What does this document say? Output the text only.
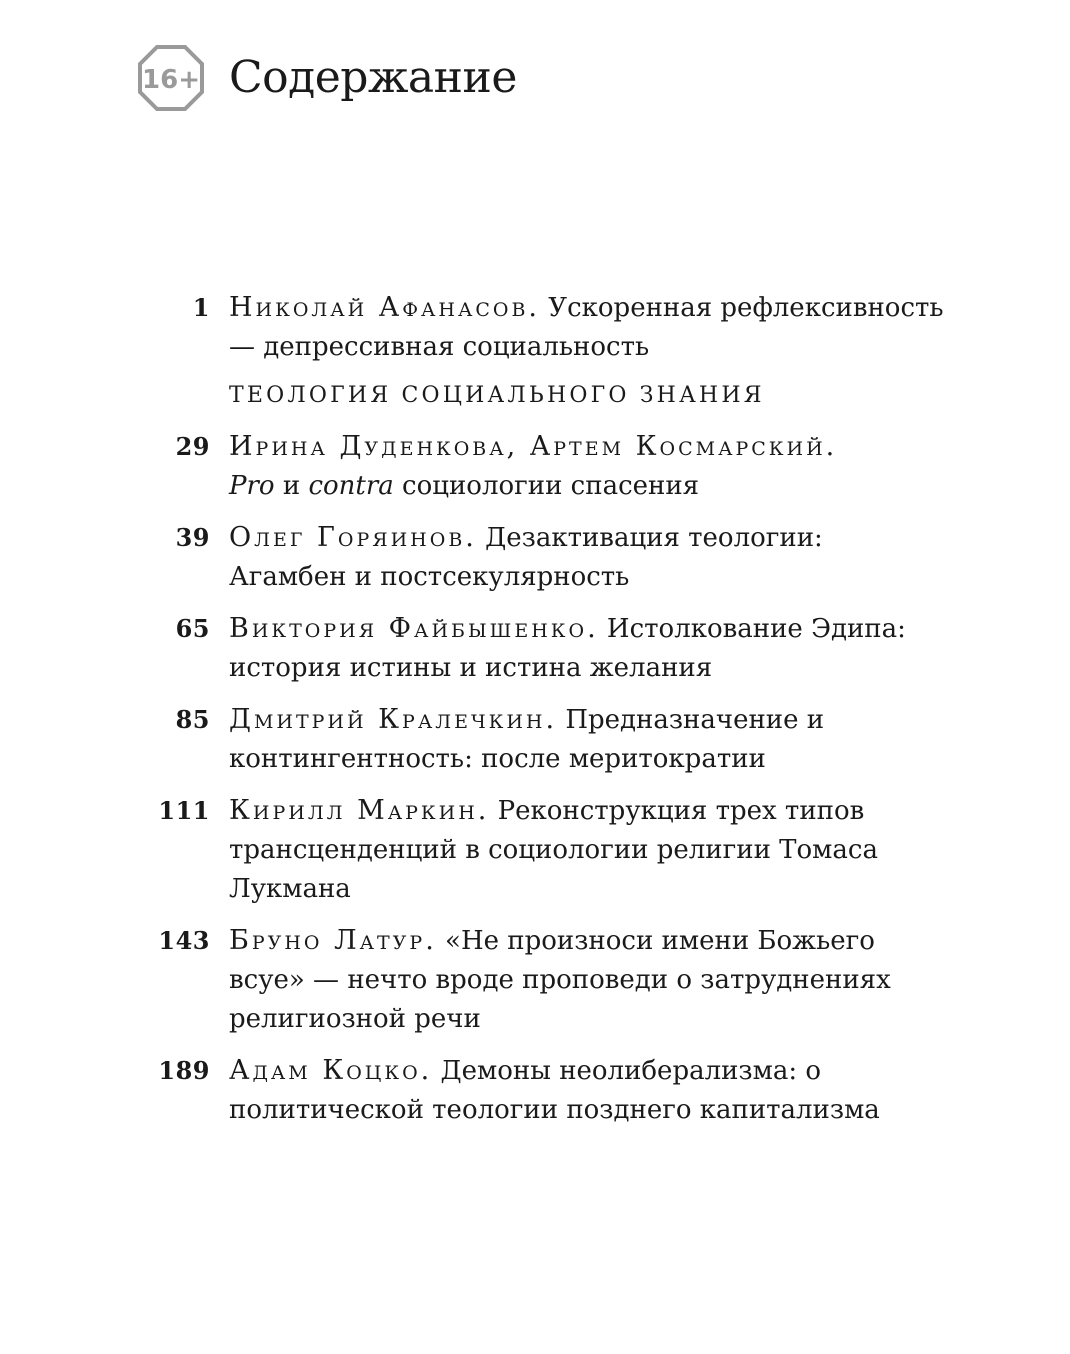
16+ Содержание
1 Николай Афанасов. Ускоренная рефлексивность — депрессивная социальность
ТЕОЛОГИЯ СОЦИАЛЬНОГО ЗНАНИЯ
29 Ирина Дуденкова, Артем Космарский.
Pro и contra социологии спасения
39 Олег Горяинов. Дезактивация теологии: Агамбен и постсекулярность
65 Виктория Файбышенко. Истолкование Эдипа: история истины и истина желания
85 Дмитрий Кралечкин. Предназначение и контингентность: после меритократии
111 Кирилл Маркин. Реконструкция трех типов трансценденций в социологии религии Томаса Лукмана
143 Бруно Латур. «Не произноси имени Божьего всуе» — нечто вроде проповеди о затруднениях религиозной речи
189 Адам Коцко. Демоны неолиберализма: о политической теологии позднего капитализма
